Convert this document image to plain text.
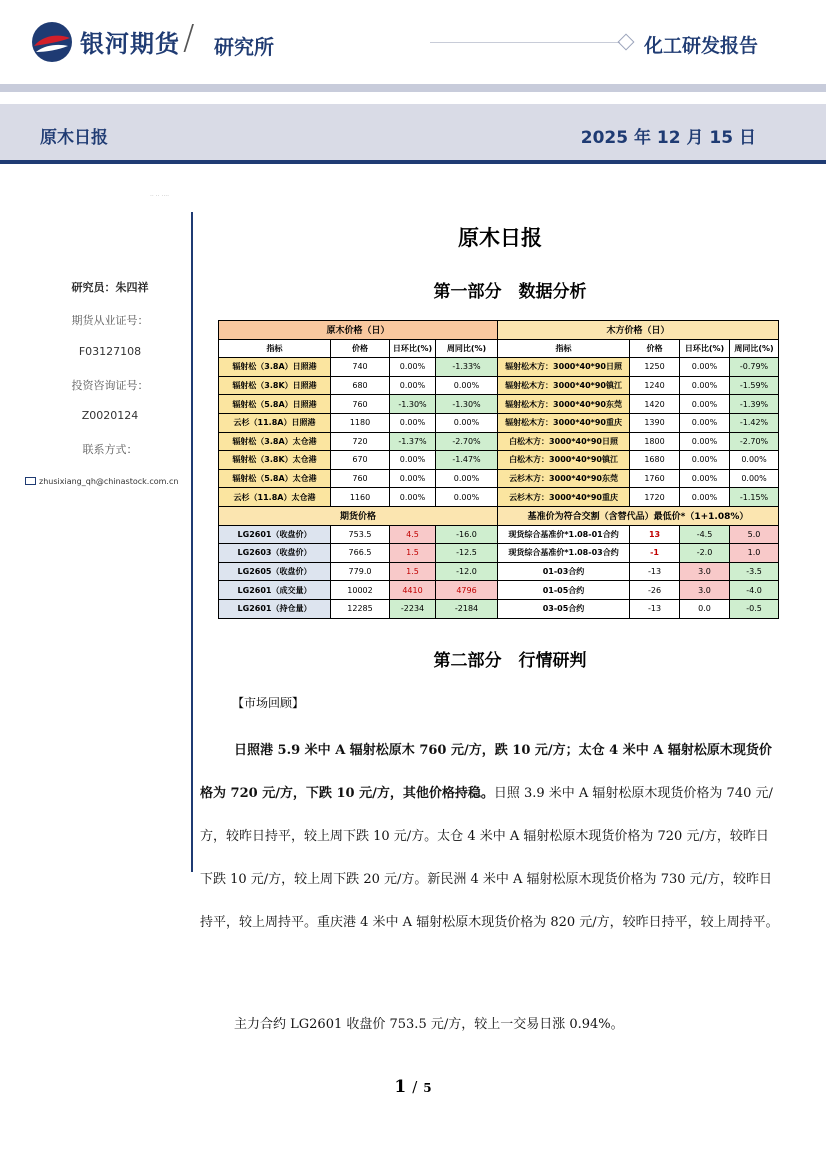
银河期货 / 研究所	化工研发报告
原木日报	2025 年 12 月 15 日
·· ·· ····
研究员：朱四祥
期货从业证号：
F03127108
投资咨询证号：
Z0020124
联系方式：
zhusixiang_qh@chinastock.com.cn
原木日报
第一部分　数据分析
原木价格（日）				木方价格（日）			
指标	价格	日环比(%)	周同比(%)	指标	价格	日环比(%)	周同比(%)
辐射松（3.8A）日照港	740	0.00%	-1.33%	辐射松木方：3000*40*90日照	1250	0.00%	-0.79%
辐射松（3.8K）日照港	680	0.00%	0.00%	辐射松木方：3000*40*90镇江	1240	0.00%	-1.59%
辐射松（5.8A）日照港	760	-1.30%	-1.30%	辐射松木方：3000*40*90东莞	1420	0.00%	-1.39%
云杉（11.8A）日照港	1180	0.00%	0.00%	辐射松木方：3000*40*90重庆	1390	0.00%	-1.42%
辐射松（3.8A）太仓港	720	-1.37%	-2.70%	白松木方：3000*40*90日照	1800	0.00%	-2.70%
辐射松（3.8K）太仓港	670	0.00%	-1.47%	白松木方：3000*40*90镇江	1680	0.00%	0.00%
辐射松（5.8A）太仓港	760	0.00%	0.00%	云杉木方：3000*40*90东莞	1760	0.00%	0.00%
云杉（11.8A）太仓港	1160	0.00%	0.00%	云杉木方：3000*40*90重庆	1720	0.00%	-1.15%
期货价格				基准价为符合交割（含替代品）最低价*（1+1.08%）			
LG2601（收盘价）	753.5	4.5	-16.0	现货综合基准价*1.08-01合约	13	-4.5	5.0
LG2603（收盘价）	766.5	1.5	-12.5	现货综合基准价*1.08-03合约	-1	-2.0	1.0
LG2605（收盘价）	779.0	1.5	-12.0	01-03合约	-13	3.0	-3.5
LG2601（成交量）	10002	4410	4796	01-05合约	-26	3.0	-4.0
LG2601（持仓量）	12285	-2234	-2184	03-05合约	-13	0.0	-0.5
第二部分　行情研判
【市场回顾】
日照港 5.9 米中 A 辐射松原木 760 元/方，跌 10 元/方；太仓 4 米中 A 辐射松原木现货价格为 720 元/方，下跌 10 元/方，其他价格持稳。日照 3.9 米中 A 辐射松原木现货价格为 740 元/方，较昨日持平，较上周下跌 10 元/方。太仓 4 米中 A 辐射松原木现货价格为 720 元/方，较昨日下跌 10 元/方，较上周下跌 20 元/方。新民洲 4 米中 A 辐射松原木现货价格为 730 元/方，较昨日持平，较上周持平。重庆港 4 米中 A 辐射松原木现货价格为 820 元/方，较昨日持平，较上周持平。
主力合约 LG2601 收盘价 753.5 元/方，较上一交易日涨 0.94%。
1 / 5
